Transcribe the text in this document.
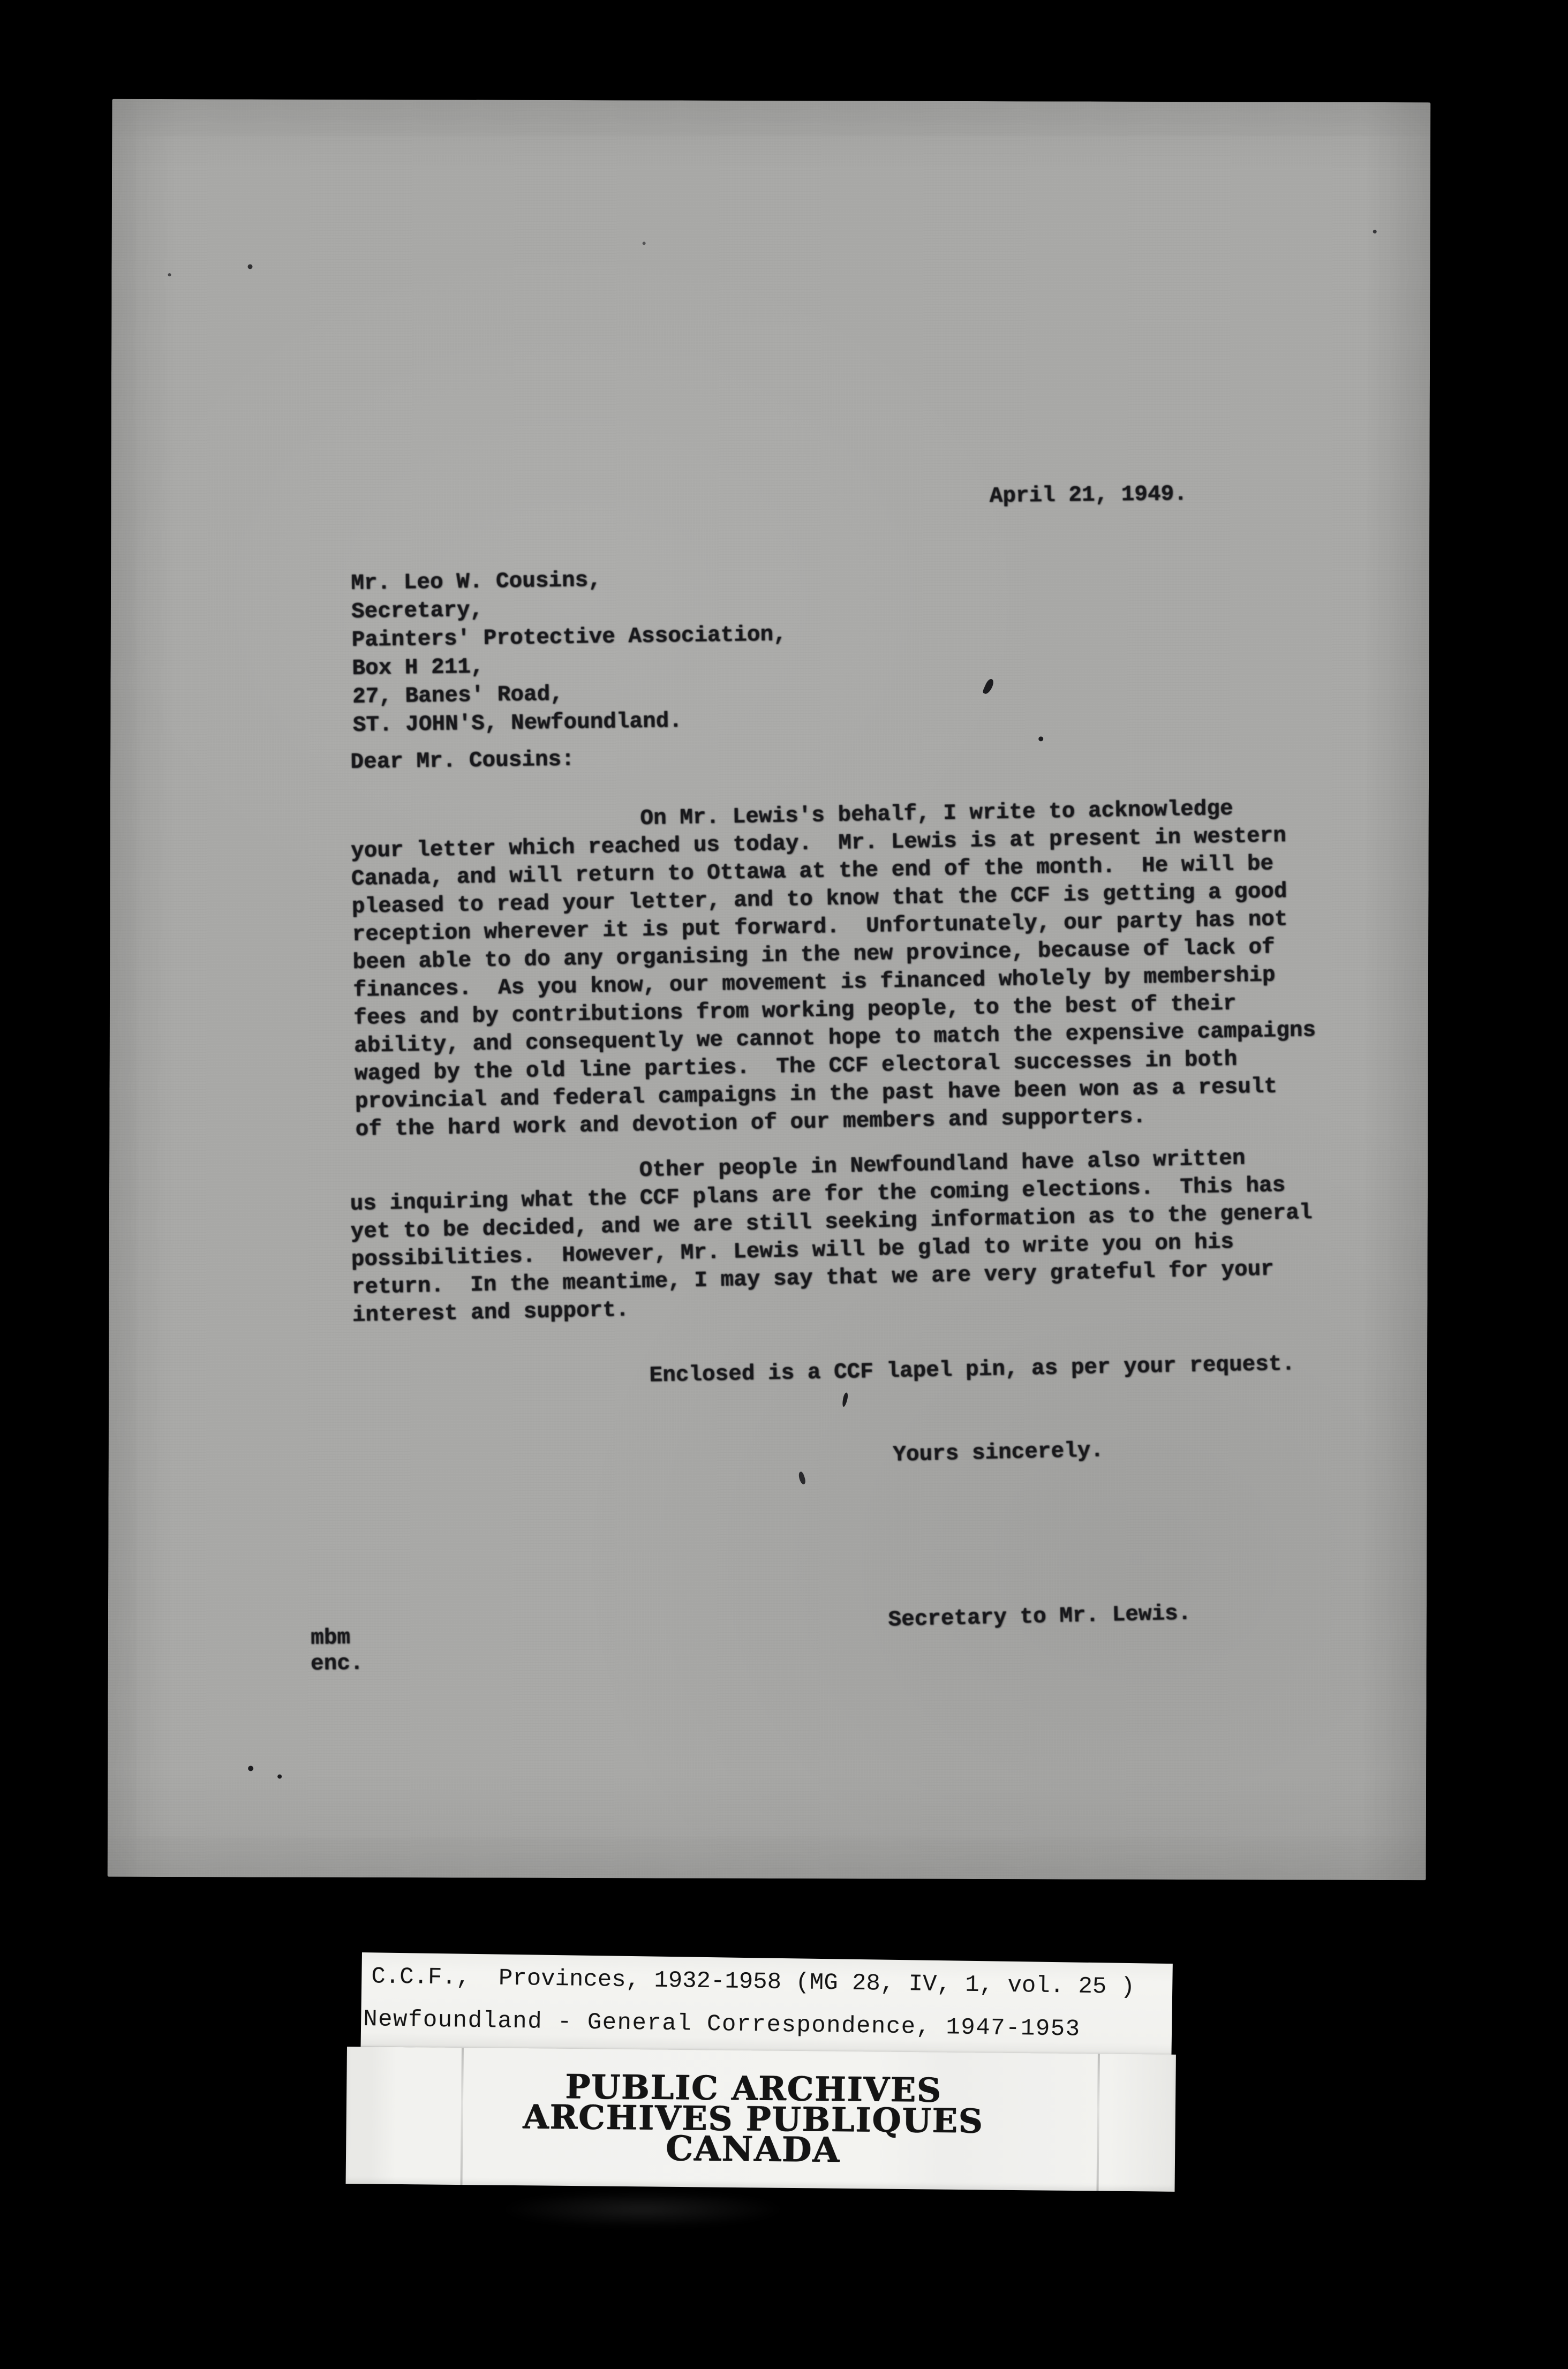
April 21, 1949.
Mr. Leo W. Cousins,
Secretary,
Painters' Protective Association,
Box H 211,
27, Banes' Road,
ST. JOHN'S, Newfoundland.
Dear Mr. Cousins:
On Mr. Lewis's behalf, I write to acknowledge
your letter which reached us today.  Mr. Lewis is at present in western
Canada, and will return to Ottawa at the end of the month.  He will be
pleased to read your letter, and to know that the CCF is getting a good
reception wherever it is put forward.  Unfortunately, our party has not
been able to do any organising in the new province, because of lack of
finances.  As you know, our movement is financed wholely by membership
fees and by contributions from working people, to the best of their
ability, and consequently we cannot hope to match the expensive campaigns
waged by the old line parties.  The CCF electoral successes in both
provincial and federal campaigns in the past have been won as a result
of the hard work and devotion of our members and supporters.
Other people in Newfoundland have also written
us inquiring what the CCF plans are for the coming elections.  This has
yet to be decided, and we are still seeking information as to the general
possibilities.  However, Mr. Lewis will be glad to write you on his
return.  In the meantime, I may say that we are very grateful for your
interest and support.
Enclosed is a CCF lapel pin, as per your request.
Yours sincerely.
Secretary to Mr. Lewis.
mbm
enc.
C.C.F.,  Provinces, 1932-1958 (MG 28, IV, 1, vol. 25 )
Newfoundland - General Correspondence, 1947-1953
PUBLIC ARCHIVES
ARCHIVES PUBLIQUES
CANADA
